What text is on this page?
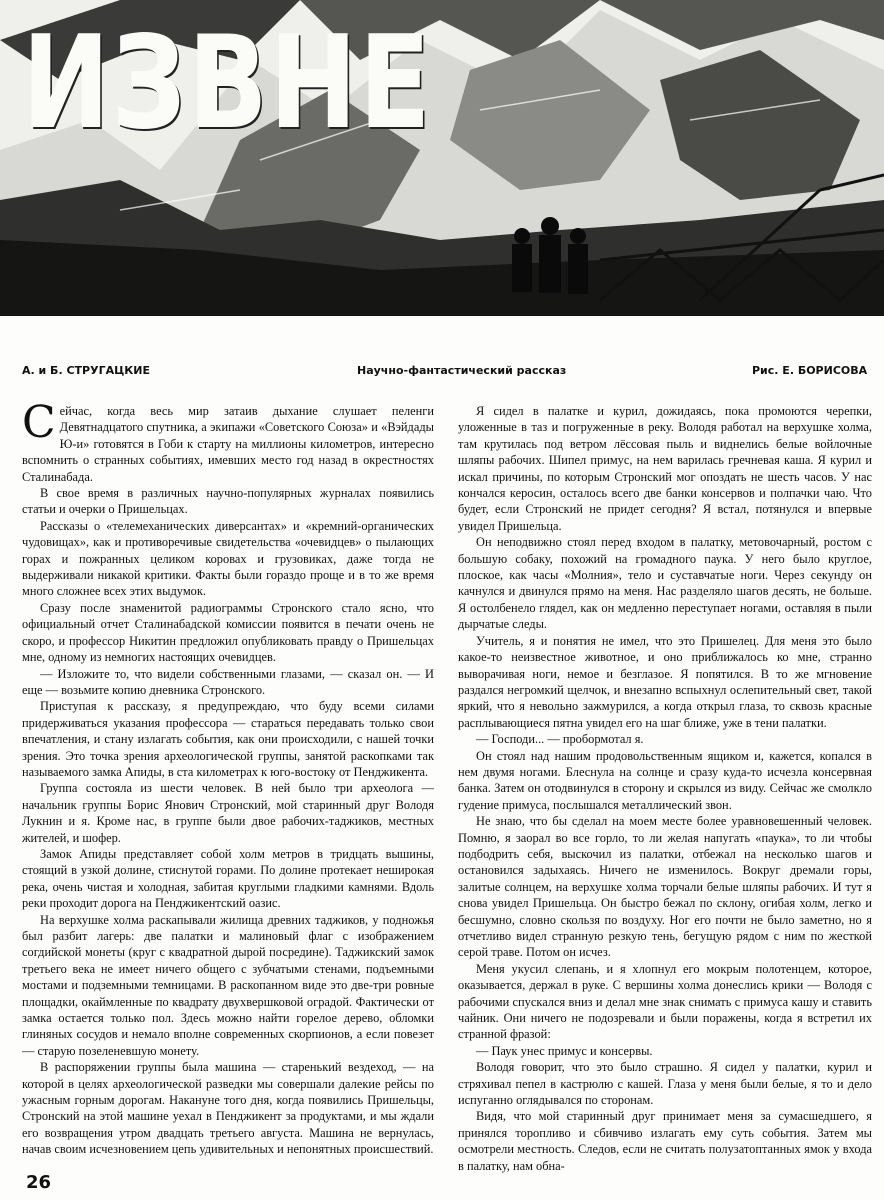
ИЗВНЕ
А. и Б. СТРУГАЦКИЕ	Научно-фантастический рассказ	Рис. Е. БОРИСОВА

Сейчас, когда весь мир затаив дыхание слушает пеленги Девятнадцатого спутника, а экипажи «Советского Союза» и «Вэйдады Ю-и» готовятся в Гоби к старту на миллионы километров, интересно вспомнить о странных событиях, имевших место год назад в окрестностях Сталинабада.

В свое время в различных научно-популярных журналах появились статьи и очерки о Пришельцах.

Рассказы о «телемеханических диверсантах» и «кремний-органических чудовищах», как и противоречивые свидетельства «очевидцев» о пылающих горах и пожранных целиком коровах и грузовиках, даже тогда не выдерживали никакой критики. Факты были гораздо проще и в то же время много сложнее всех этих выдумок.

Сразу после знаменитой радиограммы Стронского стало ясно, что официальный отчет Сталинабадской комиссии появится в печати очень не скоро, и профессор Никитин предложил опубликовать правду о Пришельцах мне, одному из немногих настоящих очевидцев.

— Изложите то, что видели собственными глазами, — сказал он. — И еще — возьмите копию дневника Стронского.

Приступая к рассказу, я предупреждаю, что буду всеми силами придерживаться указания профессора — стараться передавать только свои впечатления, и стану излагать события, как они происходили, с нашей точки зрения. Это точка зрения археологической группы, занятой раскопками так называемого замка Апиды, в ста километрах к юго-востоку от Пенджикента.

Группа состояла из шести человек. В ней было три археолога — начальник группы Борис Янович Стронский, мой старинный друг Володя Лукнин и я. Кроме нас, в группе были двое рабочих-таджиков, местных жителей, и шофер.

Замок Апиды представляет собой холм метров в тридцать вышины, стоящий в узкой долине, стиснутой горами. По долине протекает неширокая река, очень чистая и холодная, забитая круглыми гладкими камнями. Вдоль реки проходит дорога на Пенджикентский оазис.

На верхушке холма раскапывали жилища древних таджиков, у подножья был разбит лагерь: две палатки и малиновый флаг с изображением согдийской монеты (круг с квадратной дырой посредине). Таджикский замок третьего века не имеет ничего общего с зубчатыми стенами, подъемными мостами и подземными темницами. В раскопанном виде это две-три ровные площадки, окаймленные по квадрату двухвершковой оградой. Фактически от замка остается только пол. Здесь можно найти горелое дерево, обломки глиняных сосудов и немало вполне современных скорпионов, а если повезет — старую позеленевшую монету.

В распоряжении группы была машина — старенький вездеход, — на которой в целях археологической разведки мы совершали далекие рейсы по ужасным горным дорогам. Накануне того дня, когда появились Пришельцы, Стронский на этой машине уехал в Пенджикент за продуктами, и мы ждали его возвращения утром двадцать третьего августа. Машина не вернулась, начав своим исчезновением цепь удивительных и непонятных происшествий.

Я сидел в палатке и курил, дожидаясь, пока промоются черепки, уложенные в таз и погруженные в реку. Володя работал на верхушке холма, там крутилась под ветром лёссовая пыль и виднелись белые войлочные шляпы рабочих. Шипел примус, на нем варилась гречневая каша. Я курил и искал причины, по которым Стронский мог опоздать не шесть часов. У нас кончался керосин, осталось всего две банки консервов и полпачки чаю. Что будет, если Стронский не придет сегодня? Я встал, потянулся и впервые увидел Пришельца.

Он неподвижно стоял перед входом в палатку, метовочарный, ростом с большую собаку, похожий на громадного паука. У него было круглое, плоское, как часы «Молния», тело и суставчатые ноги. Через секунду он качнулся и двинулся прямо на меня. Нас разделяло шагов десять, не больше. Я остолбенело глядел, как он медленно переступает ногами, оставляя в пыли дырчатые следы.

Учитель, я и понятия не имел, что это Пришелец. Для меня это было какое-то неизвестное животное, и оно приближалось ко мне, странно выворачивая ноги, немое и безглазое. Я попятился. В то же мгновение раздался негромкий щелчок, и внезапно вспыхнул ослепительный свет, такой яркий, что я невольно зажмурился, а когда открыл глаза, то сквозь красные расплывающиеся пятна увидел его на шаг ближе, уже в тени палатки.

— Господи... — пробормотал я.

Он стоял над нашим продовольственным ящиком и, кажется, копался в нем двумя ногами. Блеснула на солнце и сразу куда-то исчезла консервная банка. Затем он отодвинулся в сторону и скрылся из виду. Сейчас же смолкло гудение примуса, послышался металлический звон.

Не знаю, что бы сделал на моем месте более уравновешенный человек. Помню, я заорал во все горло, то ли желая напугать «паука», то ли чтобы подбодрить себя, выскочил из палатки, отбежал на несколько шагов и остановился задыхаясь. Ничего не изменилось. Вокруг дремали горы, залитые солнцем, на верхушке холма торчали белые шляпы рабочих. И тут я снова увидел Пришельца. Он быстро бежал по склону, огибая холм, легко и бесшумно, словно скользя по воздуху. Ног его почти не было заметно, но я отчетливо видел странную резкую тень, бегущую рядом с ним по жесткой серой траве. Потом он исчез.

Меня укусил слепань, и я хлопнул его мокрым полотенцем, которое, оказывается, держал в руке. С вершины холма донеслись крики — Володя с рабочими спускался вниз и делал мне знак снимать с примуса кашу и ставить чайник. Они ничего не подозревали и были поражены, когда я встретил их странной фразой:

— Паук унес примус и консервы.

Володя говорит, что это было страшно. Я сидел у палатки, курил и стряхивал пепел в кастрюлю с кашей. Глаза у меня были белые, я то и дело испуганно оглядывался по сторонам.

Видя, что мой старинный друг принимает меня за сумасшедшего, я принялся торопливо и сбивчиво излагать ему суть события. Затем мы осмотрели местность. Следов, если не считать полузатоптанных ямок у входа в палатку, нам обна-

26
